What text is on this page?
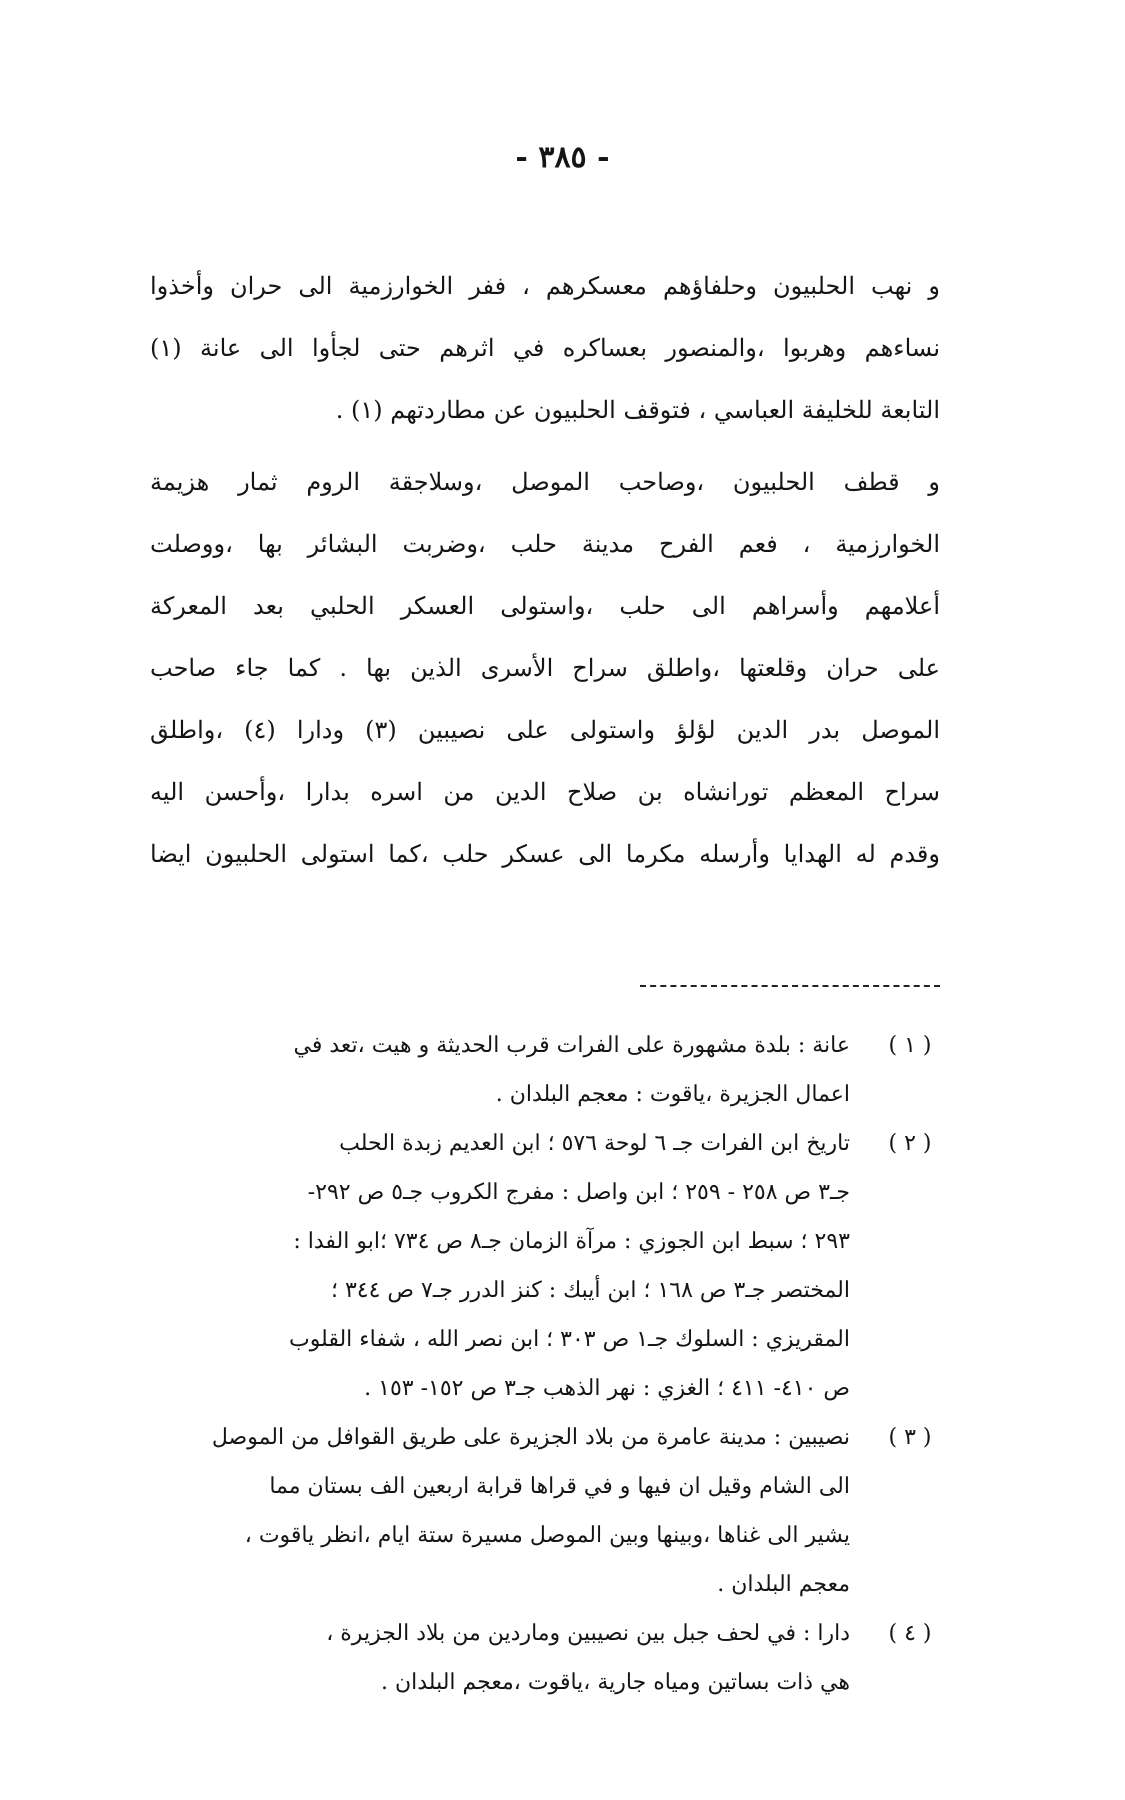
- ٣٨٥ -
و نهب الحلبيون وحلفاؤهم معسكرهم ، ففر الخوارزمية الى حران وأخذوا
نساءهم وهربوا ،والمنصور بعساكره في اثرهم حتى لجأوا الى عانة (١)
التابعة للخليفة العباسي ، فتوقف الحلبيون عن مطاردتهم (١) .
و قطف الحلبيون ،وصاحب الموصل ،وسلاجقة الروم ثمار هزيمة
الخوارزمية ، فعم الفرح مدينة حلب ،وضربت البشائر بها ،ووصلت
أعلامهم وأسراهم الى حلب ،واستولى العسكر الحلبي بعد المعركة
على حران وقلعتها ،واطلق سراح الأسرى الذين بها . كما جاء صاحب
الموصل بدر الدين لؤلؤ واستولى على نصيبين (٣) ودارا (٤) ،واطلق
سراح المعظم تورانشاه بن صلاح الدين من اسره بدارا ،وأحسن اليه
وقدم له الهدايا وأرسله مكرما الى عسكر حلب ،كما استولى الحلبيون ايضا
( ١ )
عانة : بلدة مشهورة على الفرات قرب الحديثة و هيت ،تعد في
اعمال الجزيرة ،ياقوت : معجم البلدان .
( ٢ )
تاريخ ابن الفرات جـ ٦ لوحة ٥٧٦ ؛ ابن العديم زبدة الحلب
جـ٣ ص ٢٥٨ - ٢٥٩ ؛ ابن واصل : مفرج الكروب جـ٥ ص ٢٩٢-
٢٩٣ ؛ سبط ابن الجوزي : مرآة الزمان جـ٨ ص ٧٣٤ ؛ابو الفدا :
المختصر جـ٣ ص ١٦٨ ؛ ابن أيبك : كنز الدرر جـ٧ ص ٣٤٤ ؛
المقريزي : السلوك جـ١ ص ٣٠٣ ؛ ابن نصر الله ، شفاء القلوب
ص ٤١٠- ٤١١ ؛ الغزي : نهر الذهب جـ٣ ص ١٥٢- ١٥٣ .
( ٣ )
نصيبين : مدينة عامرة من بلاد الجزيرة على طريق القوافل من الموصل
الى الشام وقيل ان فيها و في قراها قرابة اربعين الف بستان مما
يشير الى غناها ،وبينها وبين الموصل مسيرة ستة ايام ،انظر ياقوت ،
معجم البلدان .
( ٤ )
دارا : في لحف جبل بين نصيبين وماردين من بلاد الجزيرة ،
هي ذات بساتين ومياه جارية ،ياقوت ،معجم البلدان .
